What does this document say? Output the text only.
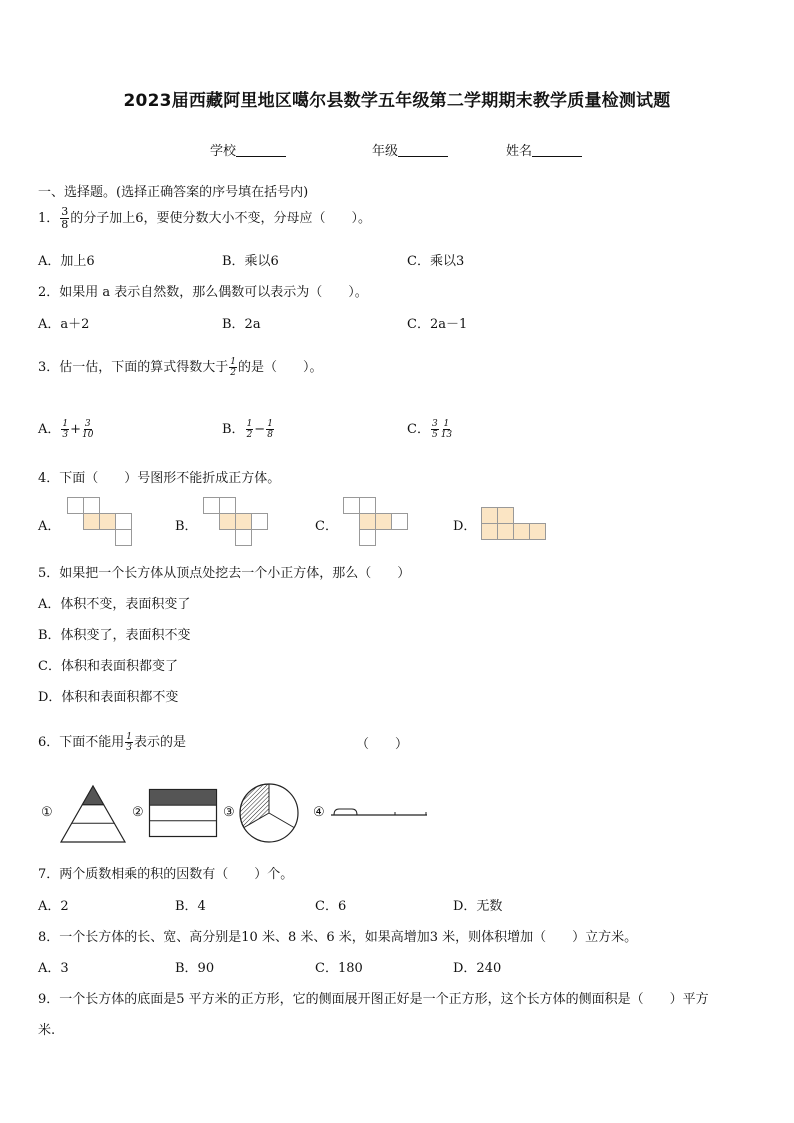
2023届西藏阿里地区噶尔县数学五年级第二学期期末教学质量检测试题
学校	年级	姓名
一、选择题。(选择正确答案的序号填在括号内)
1． $\frac{3}{8}$ 的分子加上6，要使分数大小不变，分母应（　　）。
A．加上6	B．乘以6	C．乘以3
2．如果用 a 表示自然数，那么偶数可以表示为（　　）。
A．a＋2	B．2a	C．2a－1
3．估一估，下面的算式得数大于 $\frac{1}{2}$ 的是（　　）。
A． $\frac{1}{3} + \frac{3}{10}$	B． $\frac{1}{2} - \frac{1}{8}$	C． $\frac{3}{5} \frac{1}{13}$
4．下面（　　）号图形不能折成正方体。
A．	B．	C．	D．
5．如果把一个长方体从顶点处挖去一个小正方体，那么（　　）
A．体积不变，表面积变了
B．体积变了，表面积不变
C．体积和表面积都变了
D．体积和表面积都不变
6．下面不能用 $\frac{1}{3}$ 表示的是	（　　）
①	②	③	④
7．两个质数相乘的积的因数有（　　）个。
A．2	B．4	C．6	D．无数
8．一个长方体的长、宽、高分别是10 米、8 米、6 米，如果高增加3 米，则体积增加（　　）立方米。
A．3	B．90	C．180	D．240
9．一个长方体的底面是5 平方米的正方形，它的侧面展开图正好是一个正方形，这个长方体的侧面积是（　　）平方
米.
